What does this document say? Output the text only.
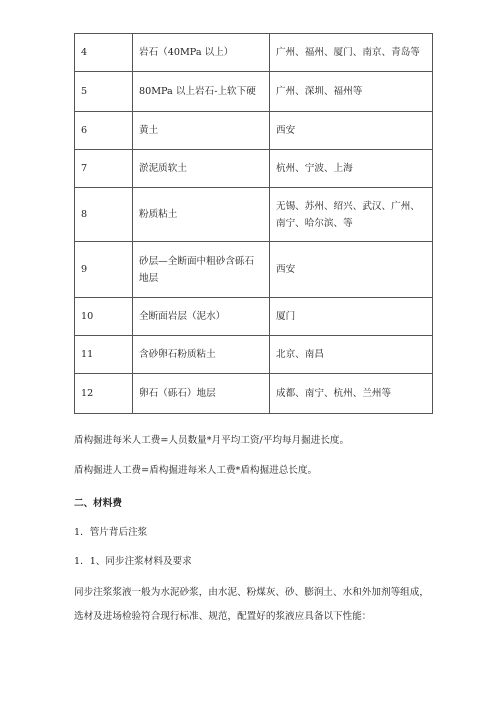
4	岩石（40MPa 以上）	广州、福州、厦门、南京、青岛等
5	80MPa 以上岩石-上软下硬	广州、深圳、福州等
6	黄土	西安
7	淤泥质软土	杭州、宁波、上海
8	粉质粘土	无锡、苏州、绍兴、武汉、广州、南宁、哈尔滨、等
9	砂层—全断面中粗砂含砾石地层	西安
10	全断面岩层（泥水）	厦门
11	含砂卵石粉质粘土	北京、南昌
12	卵石（砾石）地层	成都、南宁、杭州、兰州等

盾构掘进每米人工费=人员数量*月平均工资/平均每月掘进长度。

盾构掘进人工费=盾构掘进每米人工费*盾构掘进总长度。

二、材料费

1．管片背后注浆

1．1、同步注浆材料及要求

同步注浆浆液一般为水泥砂浆，由水泥、粉煤灰、砂、膨润土、水和外加剂等组成，选材及进场检验符合现行标准、规范，配置好的浆液应具备以下性能：
